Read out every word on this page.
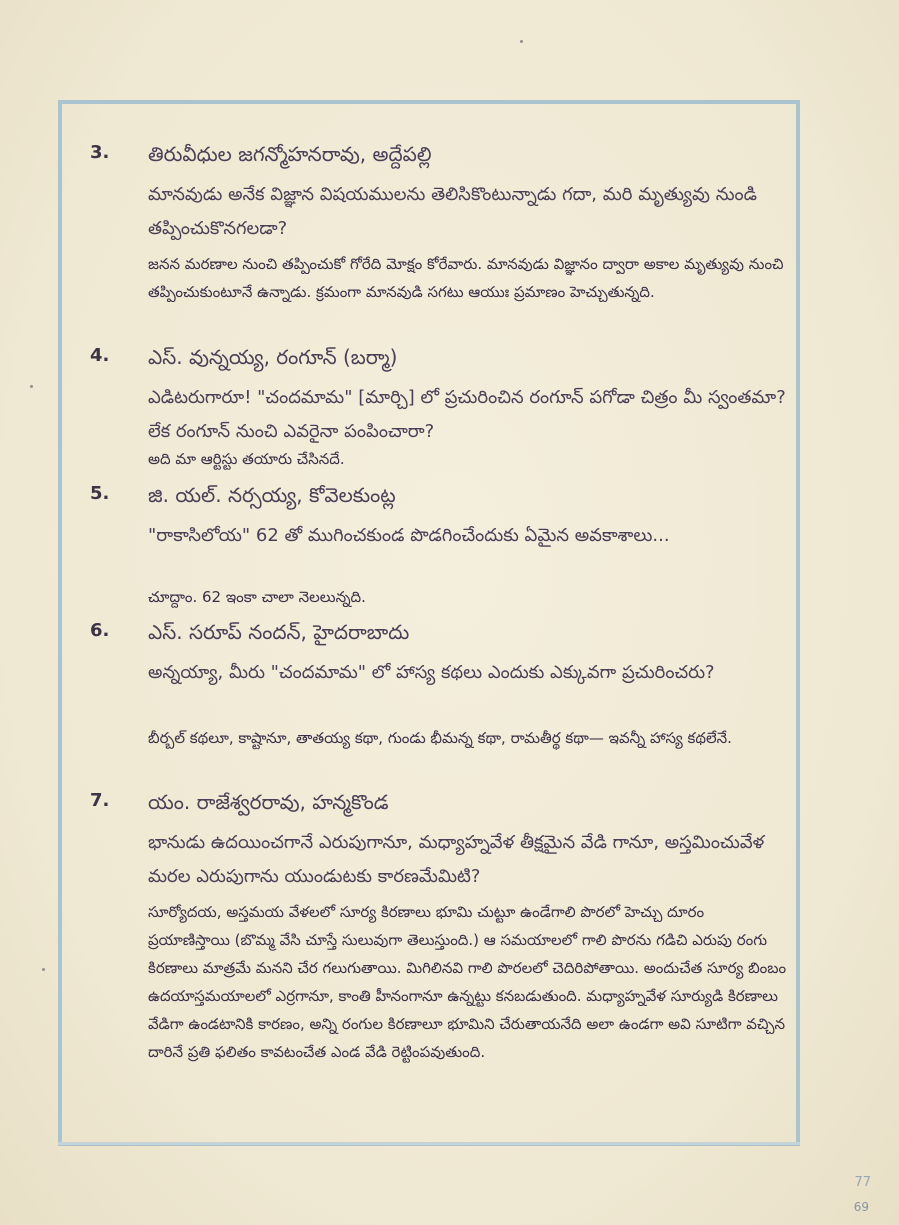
3.	తిరువీధుల జగన్మోహనరావు, అద్దేపల్లి
మానవుడు అనేక విజ్ఞాన విషయములను తెలిసికొంటున్నాడు గదా, మరి మృత్యువు నుండి తప్పించుకొనగలడా?
జనన మరణాల నుంచి తప్పించుకో గోరేది మోక్షం కోరేవారు. మానవుడు విజ్ఞానం ద్వారా అకాల మృత్యువు నుంచి తప్పించుకుంటూనే ఉన్నాడు. క్రమంగా మానవుడి సగటు ఆయుః ప్రమాణం హెచ్చుతున్నది.
4.	ఎస్. వున్నయ్య, రంగూన్ (బర్మా)
ఎడిటరుగారూ! "చందమామ" [మార్చి] లో ప్రచురించిన రంగూన్ పగోడా చిత్రం మీ స్వంతమా? లేక రంగూన్ నుంచి ఎవరైనా పంపించారా?
అది మా ఆర్టిస్టు తయారు చేసినదే.
5.	జి. యల్. నర్సయ్య, కోవెలకుంట్ల
"రాకాసిలోయ" 62 తో ముగించకుండ పొడగించేందుకు ఏమైన అవకాశాలు...
చూద్దాం. 62 ఇంకా చాలా నెలలున్నది.
6.	ఎస్. సరూప్ నందన్, హైదరాబాదు
అన్నయ్యా, మీరు "చందమామ" లో హాస్య కథలు ఎందుకు ఎక్కువగా ప్రచురించరు?
బీర్బల్ కథలూ, కాష్టానూ, తాతయ్య కథా, గుండు భీమన్న కథా, రామతీర్థ కథా— ఇవన్నీ హాస్య కథలేనే.
7.	యం. రాజేశ్వరరావు, హన్మకొండ
భానుడు ఉదయించగానే ఎరుపుగానూ, మధ్యాహ్నవేళ తీక్షమైన వేడి గానూ, అస్తమించువేళ మరల ఎరుపుగాను యుండుటకు కారణమేమిటి?
సూర్యోదయ, అస్తమయ వేళలలో సూర్య కిరణాలు భూమి చుట్టూ ఉండేగాలి పొరలో హెచ్చు దూరం ప్రయాణిస్తాయి (బొమ్మ వేసి చూస్తే సులువుగా తెలుస్తుంది.) ఆ సమయాలలో గాలి పొరను గడిచి ఎరుపు రంగు కిరణాలు మాత్రమే మనని చేర గలుగుతాయి. మిగిలినవి గాలి పొరలలో చెదిరిపోతాయి. అందుచేత సూర్య బింబం ఉదయాస్తమయాలలో ఎర్రగానూ, కాంతి హీనంగానూ ఉన్నట్టు కనబడుతుంది. మధ్యాహ్నవేళ సూర్యుడి కిరణాలు వేడిగా ఉండటానికి కారణం, అన్ని రంగుల కిరణాలూ భూమిని చేరుతాయనేది అలా ఉండగా అవి సూటిగా వచ్చిన దారినే ప్రతి ఫలితం కావటంచేత ఎండ వేడి రెట్టింపవుతుంది.
77
69
